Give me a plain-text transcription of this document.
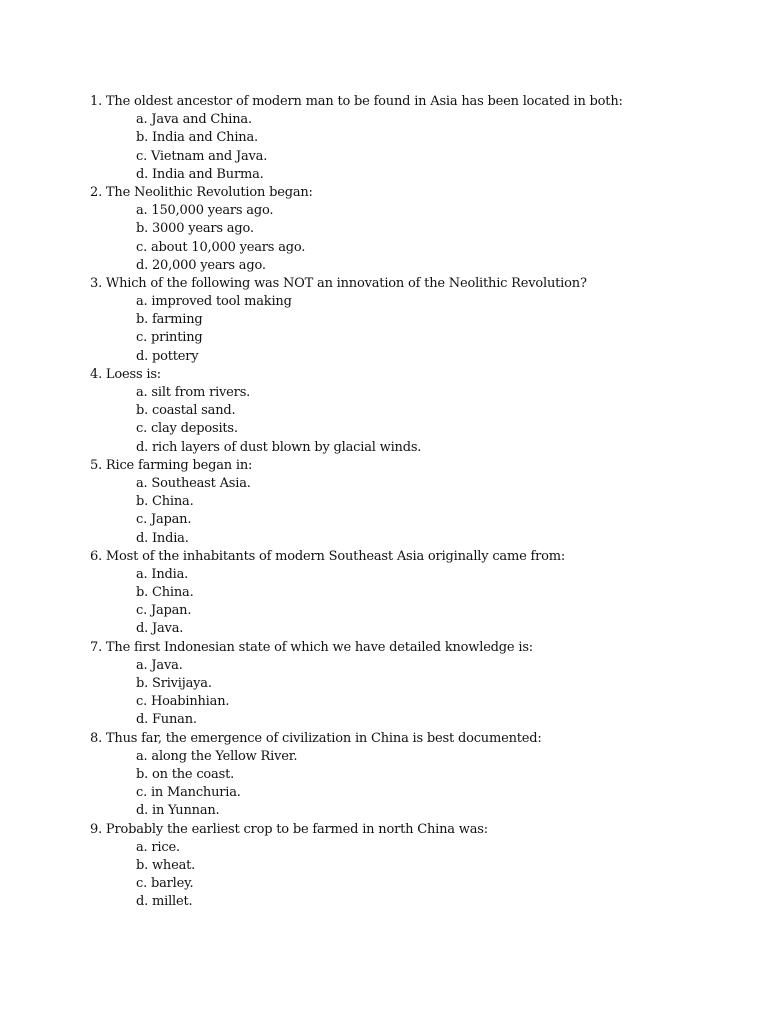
1. The oldest ancestor of modern man to be found in Asia has been located in both:
a. Java and China.
b. India and China.
c. Vietnam and Java.
d. India and Burma.
2. The Neolithic Revolution began:
a. 150,000 years ago.
b. 3000 years ago.
c. about 10,000 years ago.
d. 20,000 years ago.
3. Which of the following was NOT an innovation of the Neolithic Revolution?
a. improved tool making
b. farming
c. printing
d. pottery
4. Loess is:
a. silt from rivers.
b. coastal sand.
c. clay deposits.
d. rich layers of dust blown by glacial winds.
5. Rice farming began in:
a. Southeast Asia.
b. China.
c. Japan.
d. India.
6. Most of the inhabitants of modern Southeast Asia originally came from:
a. India.
b. China.
c. Japan.
d. Java.
7. The first Indonesian state of which we have detailed knowledge is:
a. Java.
b. Srivijaya.
c. Hoabinhian.
d. Funan.
8. Thus far, the emergence of civilization in China is best documented:
a. along the Yellow River.
b. on the coast.
c. in Manchuria.
d. in Yunnan.
9. Probably the earliest crop to be farmed in north China was:
a. rice.
b. wheat.
c. barley.
d. millet.
